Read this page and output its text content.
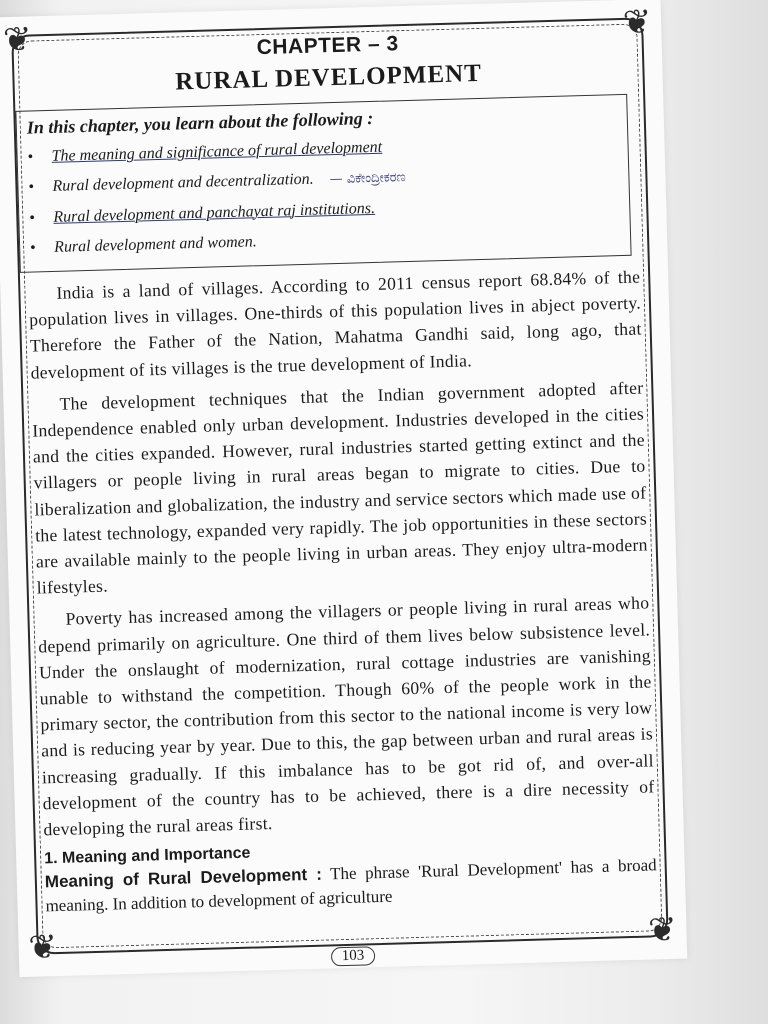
❦	❦
❦	❦
CHAPTER – 3
RURAL DEVELOPMENT
In this chapter, you learn about the following :
• The meaning and significance of rural development
• Rural development and decentralization. — ವಿಕೇಂದ್ರೀಕರಣ
• Rural development and panchayat raj institutions.
• Rural development and women.

India is a land of villages. According to 2011 census report 68.84% of the population lives in villages. One-thirds of this population lives in abject poverty. Therefore the Father of the Nation, Mahatma Gandhi said, long ago, that development of its villages is the true development of India.

The development techniques that the Indian government adopted after Independence enabled only urban development. Industries developed in the cities and the cities expanded. However, rural industries started getting extinct and the villagers or people living in rural areas began to migrate to cities. Due to liberalization and globalization, the industry and service sectors which made use of the latest technology, expanded very rapidly. The job opportunities in these sectors are available mainly to the people living in urban areas. They enjoy ultra-modern lifestyles.

Poverty has increased among the villagers or people living in rural areas who depend primarily on agriculture. One third of them lives below subsistence level. Under the onslaught of modernization, rural cottage industries are vanishing unable to withstand the competition. Though 60% of the people work in the primary sector, the contribution from this sector to the national income is very low and is reducing year by year. Due to this, the gap between urban and rural areas is increasing gradually. If this imbalance has to be got rid of, and over-all development of the country has to be achieved, there is a dire necessity of developing the rural areas first.

1. Meaning and Importance

Meaning of Rural Development : The phrase 'Rural Development' has a broad meaning. In addition to development of agriculture

103
